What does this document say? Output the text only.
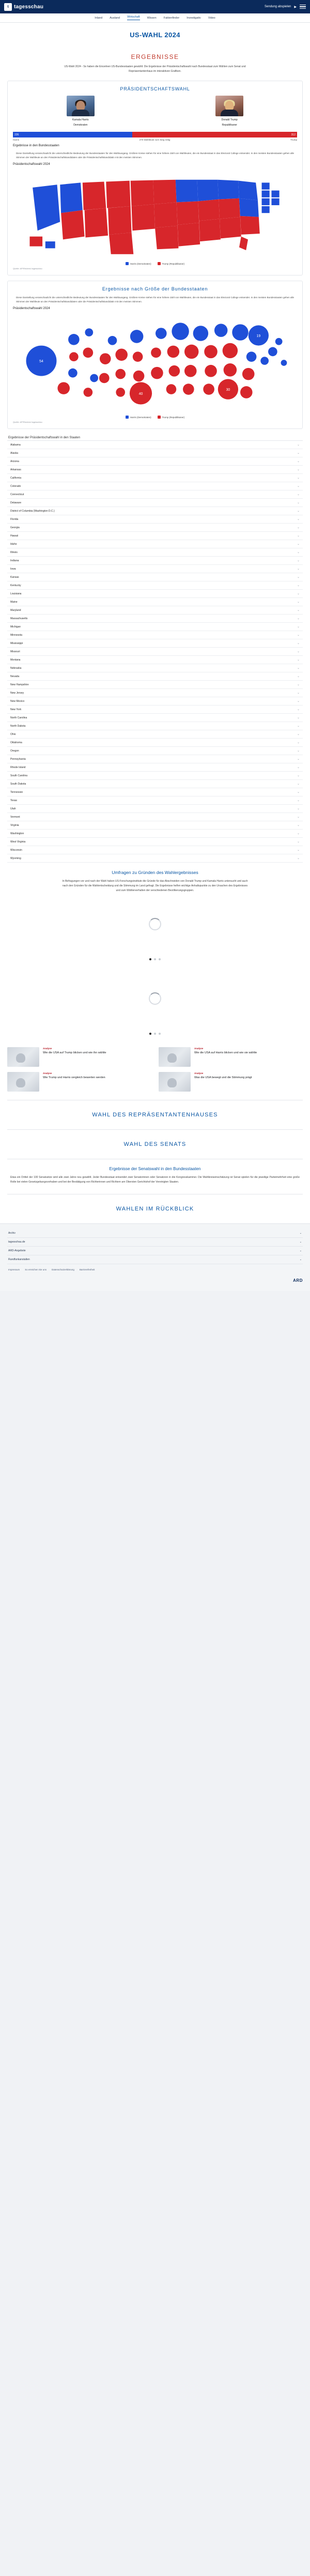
t tagesschau	Sendung abspielen ▶
Inland	Ausland	Wirtschaft	Wissen	Faktenfinder	Investigativ	Video
US-WAHL 2024
ERGEBNISSE

US-Wahl 2024 - So haben die Einzelnen US-Bundesstaaten gewählt: Die Ergebnisse der Präsidentschaftswahl nach Bundesstaat zum Wählen zum Senat und Repräsentantenhaus im interaktiven Grafiken.

PRÄSIDENTSCHAFTSWAHL
Kamala Harris
Demokraten
Donald Trump
Republikaner
226	312
Harris	270 Wahlleute zum Sieg nötig	Trump
Ergebnisse in den Bundesstaaten

Diese Darstellung veranschaulicht die unterschiedliche Bedeutung der Bundesstaaten für den Wahlausgang. Größere Kreise stehen für eine höhere Zahl von Wahlleuten, die ein Bundesstaat in das Electoral College entsendet. In den meisten Bundesstaaten gehen alle Stimmen der Wahlleute an den Präsidentschaftskandidaten oder die Präsidentschaftskandidatin mit den meisten Stimmen.

Präsidentschaftswahl 2024
Harris (Demokraten)	Trump (Republikaner)
Quelle: AP/Reuters/ tagesschau
Ergebnisse nach Größe der Bundesstaaten

Diese Darstellung veranschaulicht die unterschiedliche Bedeutung der Bundesstaaten für den Wahlausgang. Größere Kreise stehen für eine höhere Zahl von Wahlleuten, die ein Bundesstaat in das Electoral College entsendet. In den meisten Bundesstaaten gehen alle Stimmen der Wahlleute an den Präsidentschaftskandidaten oder die Präsidentschaftskandidatin mit den meisten Stimmen.

Präsidentschaftswahl 2024
54
40
30
19
Harris (Demokraten)	Trump (Republikaner)
Quelle: AP/Reuters/ tagesschau
Ergebnisse der Präsidentschaftswahl in den Staaten
Alabama	⌄
Alaska	⌄
Arizona	⌄
Arkansas	⌄
California	⌄
Colorado	⌄
Connecticut	⌄
Delaware	⌄
District of Columbia (Washington D.C.)	⌄
Florida	⌄
Georgia	⌄
Hawaii	⌄
Idaho	⌄
Illinois	⌄
Indiana	⌄
Iowa	⌄
Kansas	⌄
Kentucky	⌄
Louisiana	⌄
Maine	⌄
Maryland	⌄
Massachusetts	⌄
Michigan	⌄
Minnesota	⌄
Mississippi	⌄
Missouri	⌄
Montana	⌄
Nebraska	⌄
Nevada	⌄
New Hampshire	⌄
New Jersey	⌄
New Mexico	⌄
New York	⌄
North Carolina	⌄
North Dakota	⌄
Ohio	⌄
Oklahoma	⌄
Oregon	⌄
Pennsylvania	⌄
Rhode Island	⌄
South Carolina	⌄
South Dakota	⌄
Tennessee	⌄
Texas	⌄
Utah	⌄
Vermont	⌄
Virginia	⌄
Washington	⌄
West Virginia	⌄
Wisconsin	⌄
Wyoming	⌄
Umfragen zu Gründen des Wahlergebnisses

In Befragungen vor und nach der Wahl haben US-Forschungsinstitute die Gründe für das Abschneiden von Donald Trump und Kamala Harris untersucht und auch nach den Gründen für die Wahlentscheidung und die Stimmung im Land gefragt. Die Ergebnisse helfen wichtige Anhaltspunkte zu den Ursachen des Ergebnisses und zum Wählerverhalten der verschiedenen Bevölkerungsgruppen.

Analyse
Wie die USA auf Trump blicken und wie ihn wählte
Analyse
Wie die USA auf Harris blicken und wie sie wählte
Analyse
Wie Trump und Harris vergleich bewerten werden
Analyse
Was die USA bewegt und die Stimmung prägt
WAHL DES REPRÄSENTANTENHAUSES
WAHL DES SENATS
Ergebnisse der Senatswahl in den Bundesstaaten

Etwa ein Drittel der 100 Senatssitze wird alle zwei Jahre neu gewählt. Jeder Bundesstaat entsendet zwei Senatorinnen oder Senatoren in die Kongresskammer. Die Wahlkreiseinschätzung ist Senat spielen für die jeweilige Parteimehrheit eine große Rolle bei vielen Gesetzgebungsvorhaben und bei der Bestätigung von Richterinnen und Richtern am Obersten Gerichtshof der Vereinigten Staaten.

WAHLEN IM RÜCKBLICK
Archiv	⌄
tagesschau.de	⌄
ARD-Angebote	⌄
Rundfunkanstalten	⌄
Impressum So erreichen Sie uns Datenschutzerklärung Barrierefreiheit
ARD
